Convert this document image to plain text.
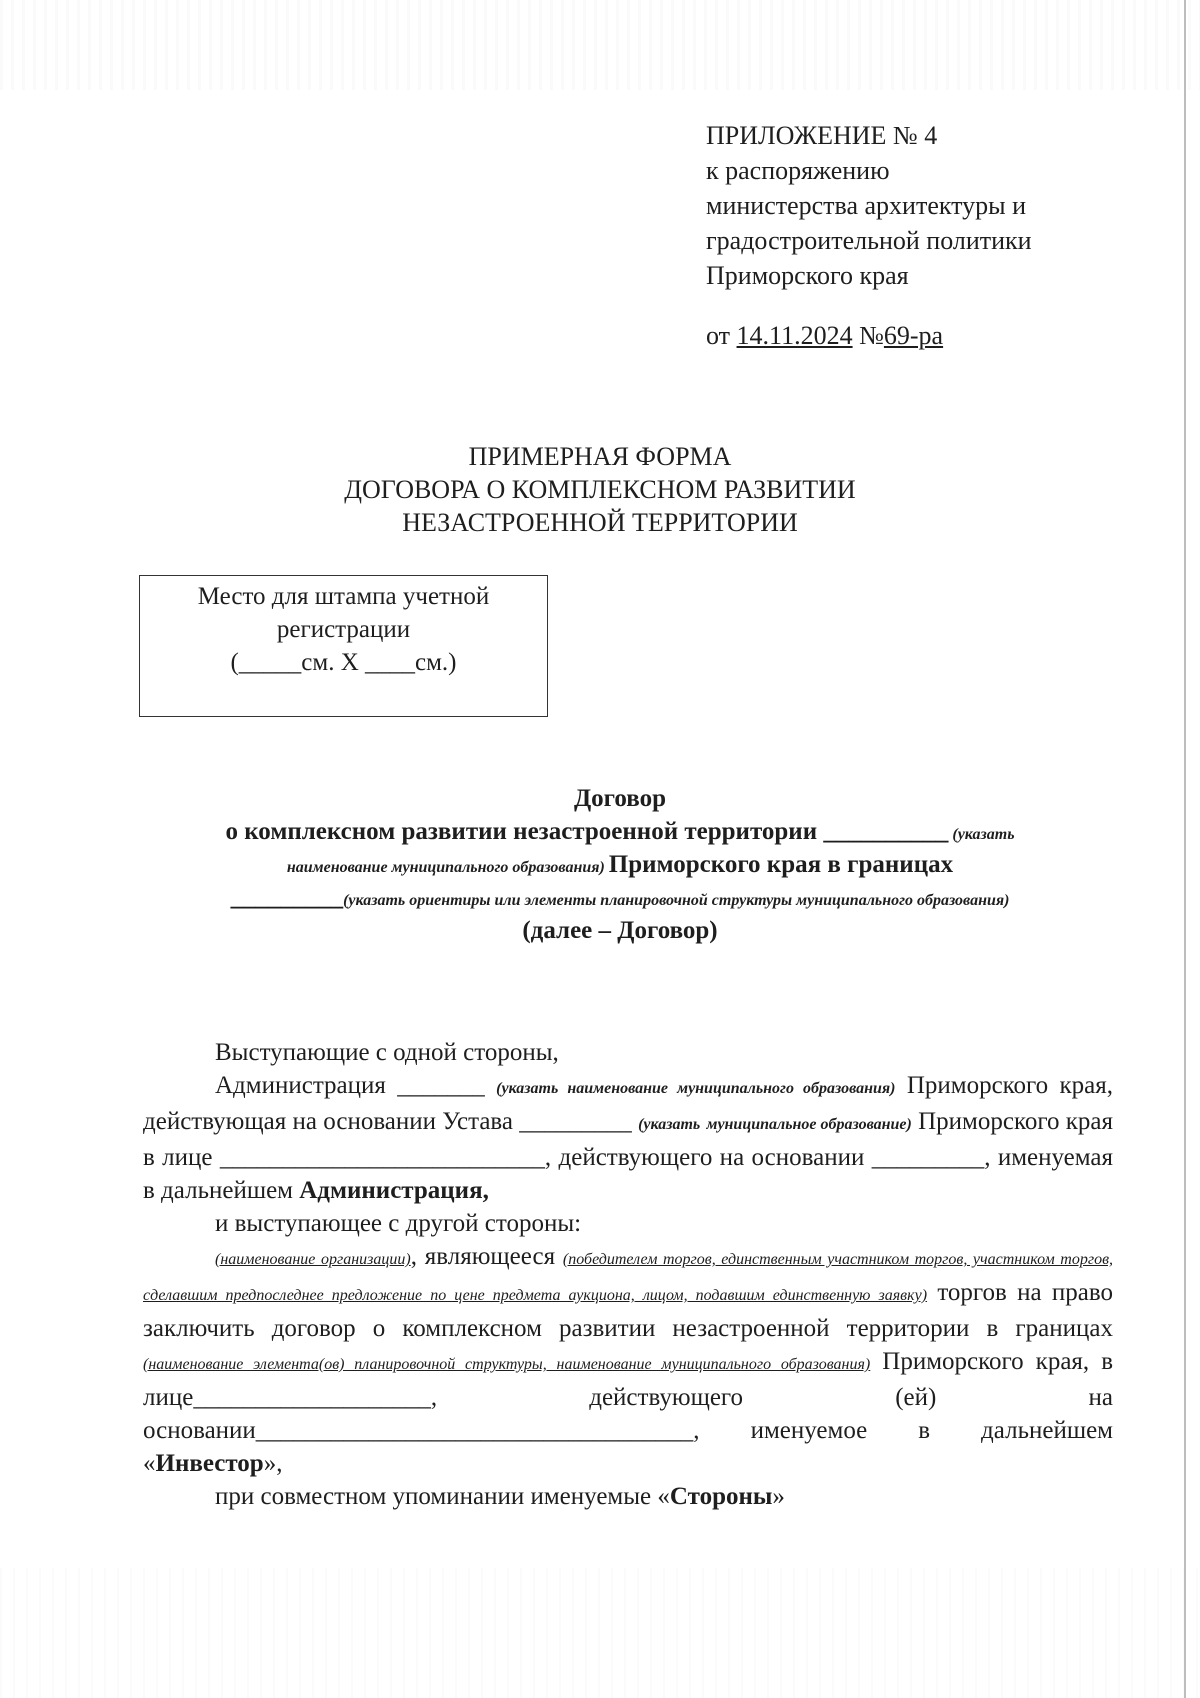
ПРИЛОЖЕНИЕ № 4
к распоряжению
министерства архитектуры и
градостроительной политики
Приморского края
от 14.11.2024 №69-ра
ПРИМЕРНАЯ ФОРМА
ДОГОВОРА О КОМПЛЕКСНОМ РАЗВИТИИ
НЕЗАСТРОЕННОЙ ТЕРРИТОРИИ
Место для штампа учетной
регистрации
(_____см. Х ____см.)
Договор
о комплексном развитии незастроенной территории __________ (указать
наименование муниципального образования) Приморского края в границах
_________(указать ориентиры или элементы планировочной структуры муниципального образования)
(далее – Договор)

Выступающие с одной стороны,

Администрация _______ (указать наименование муниципального образования) Приморского края, действующая на основании Устава _________ (указать муниципальное образование) Приморского края в лице __________________________, действующего на основании _________, именуемая в дальнейшем Администрация,

и выступающее с другой стороны:

(наименование организации), являющееся (победителем торгов, единственным участником торгов, участником торгов, сделавшим предпоследнее предложение по цене предмета аукциона, лицом, подавшим единственную заявку) торгов на право заключить договор о комплексном развитии незастроенной территории в границах (наименование элемента(ов) планировочной структуры, наименование муниципального образования) Приморского края, в лице___________________, действующего (ей) на основании___________________________________, именуемое в дальнейшем «Инвестор»,

при совместном упоминании именуемые «Стороны»
